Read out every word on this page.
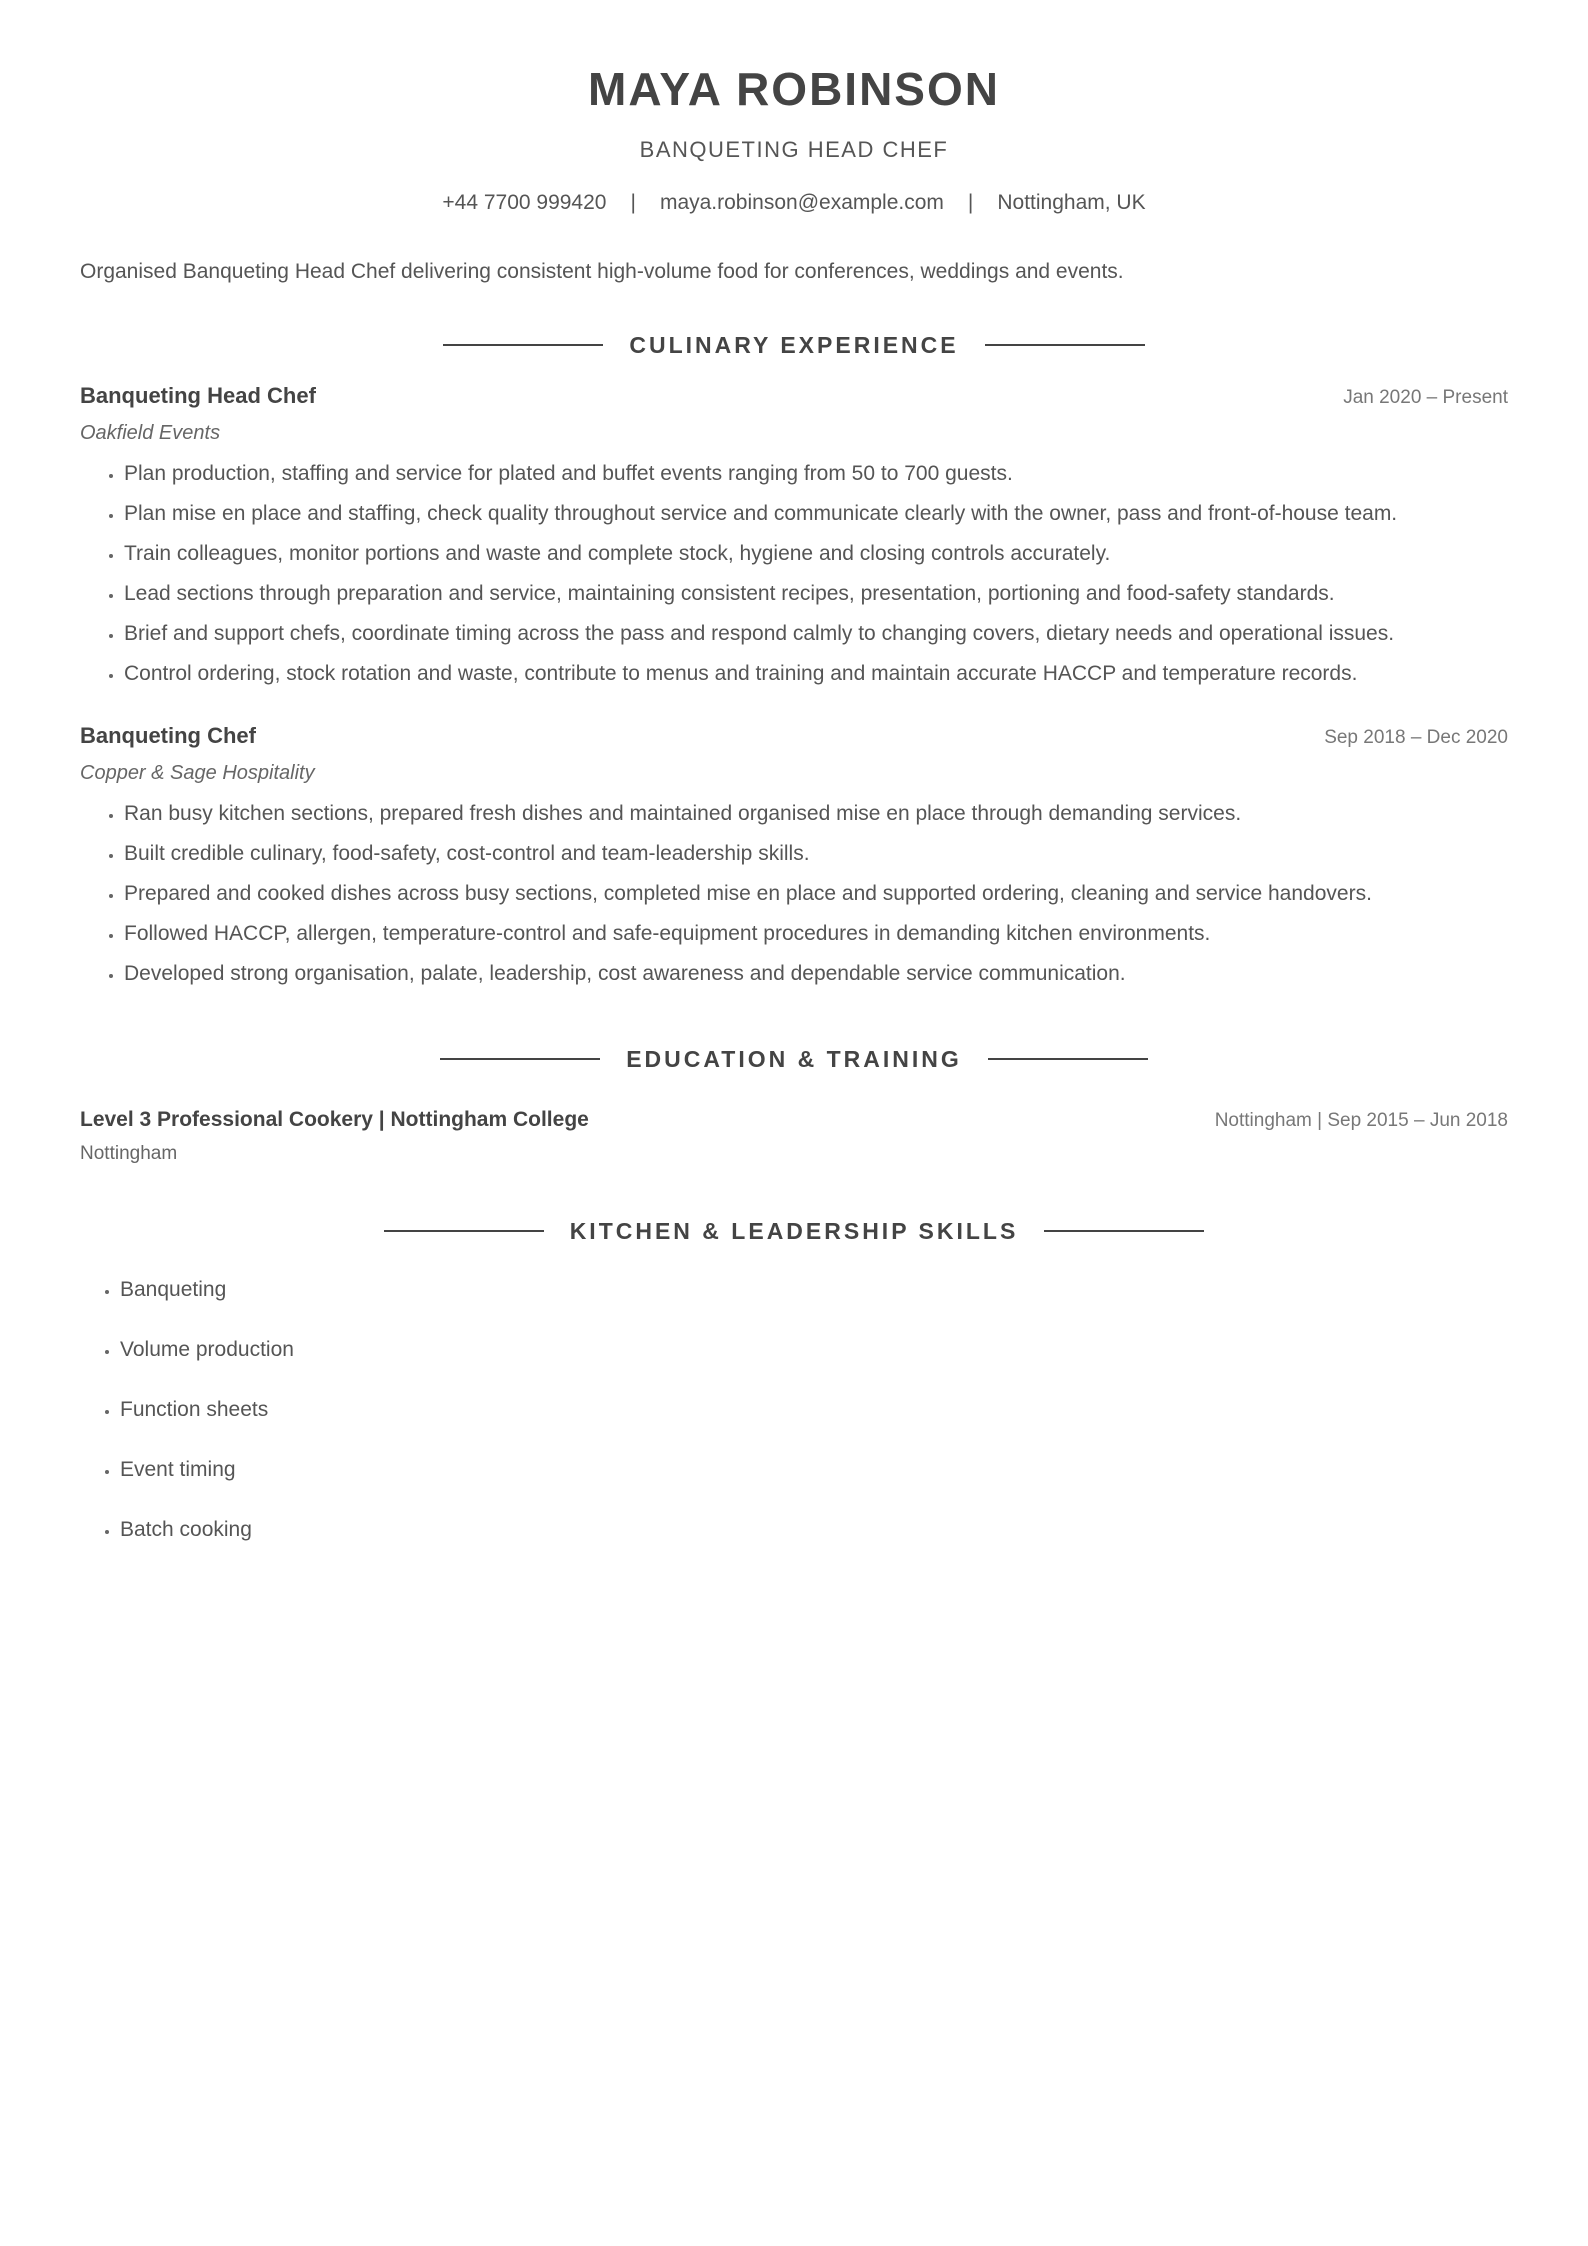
MAYA ROBINSON
BANQUETING HEAD CHEF
+44 7700 999420 | maya.robinson@example.com | Nottingham, UK
Organised Banqueting Head Chef delivering consistent high-volume food for conferences, weddings and events.
CULINARY EXPERIENCE
Banqueting Head Chef	Jan 2020 – Present
Oakfield Events
• Plan production, staffing and service for plated and buffet events ranging from 50 to 700 guests.
• Plan mise en place and staffing, check quality throughout service and communicate clearly with the owner, pass and front-of-house team.
• Train colleagues, monitor portions and waste and complete stock, hygiene and closing controls accurately.
• Lead sections through preparation and service, maintaining consistent recipes, presentation, portioning and food-safety standards.
• Brief and support chefs, coordinate timing across the pass and respond calmly to changing covers, dietary needs and operational issues.
• Control ordering, stock rotation and waste, contribute to menus and training and maintain accurate HACCP and temperature records.
Banqueting Chef	Sep 2018 – Dec 2020
Copper & Sage Hospitality
• Ran busy kitchen sections, prepared fresh dishes and maintained organised mise en place through demanding services.
• Built credible culinary, food-safety, cost-control and team-leadership skills.
• Prepared and cooked dishes across busy sections, completed mise en place and supported ordering, cleaning and service handovers.
• Followed HACCP, allergen, temperature-control and safe-equipment procedures in demanding kitchen environments.
• Developed strong organisation, palate, leadership, cost awareness and dependable service communication.
EDUCATION & TRAINING
Level 3 Professional Cookery | Nottingham College	Nottingham | Sep 2015 – Jun 2018
Nottingham
KITCHEN & LEADERSHIP SKILLS
• Banqueting
• Volume production
• Function sheets
• Event timing
• Batch cooking
